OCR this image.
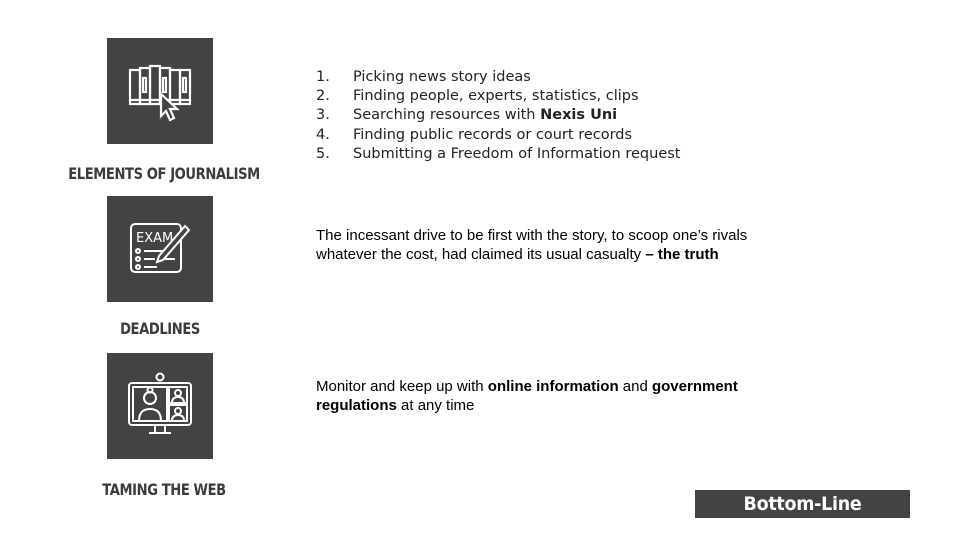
ELEMENTS OF JOURNALISM
1.	Picking news story ideas
2.	Finding people, experts, statistics, clips
3.	Searching resources with Nexis Uni
4.	Finding public records or court records
5.	Submitting a Freedom of Information request
EXAM
DEADLINES

The incessant drive to be first with the story, to scoop one’s rivals whatever the cost, had claimed its usual casualty – the truth

TAMING THE WEB

Monitor and keep up with online information and government regulations at any time

Bottom-Line Pressures
